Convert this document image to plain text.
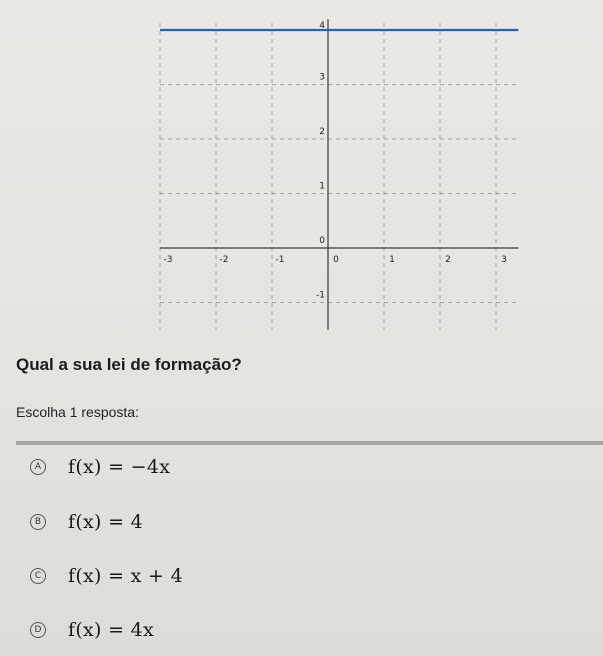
-3	-2	-1	0	1	2	3
-1
0
1
2
3
4
Qual a sua lei de formação?
Escolha 1 resposta:
A f(x) = −4x
B f(x) = 4
C f(x) = x + 4
D f(x) = 4x
